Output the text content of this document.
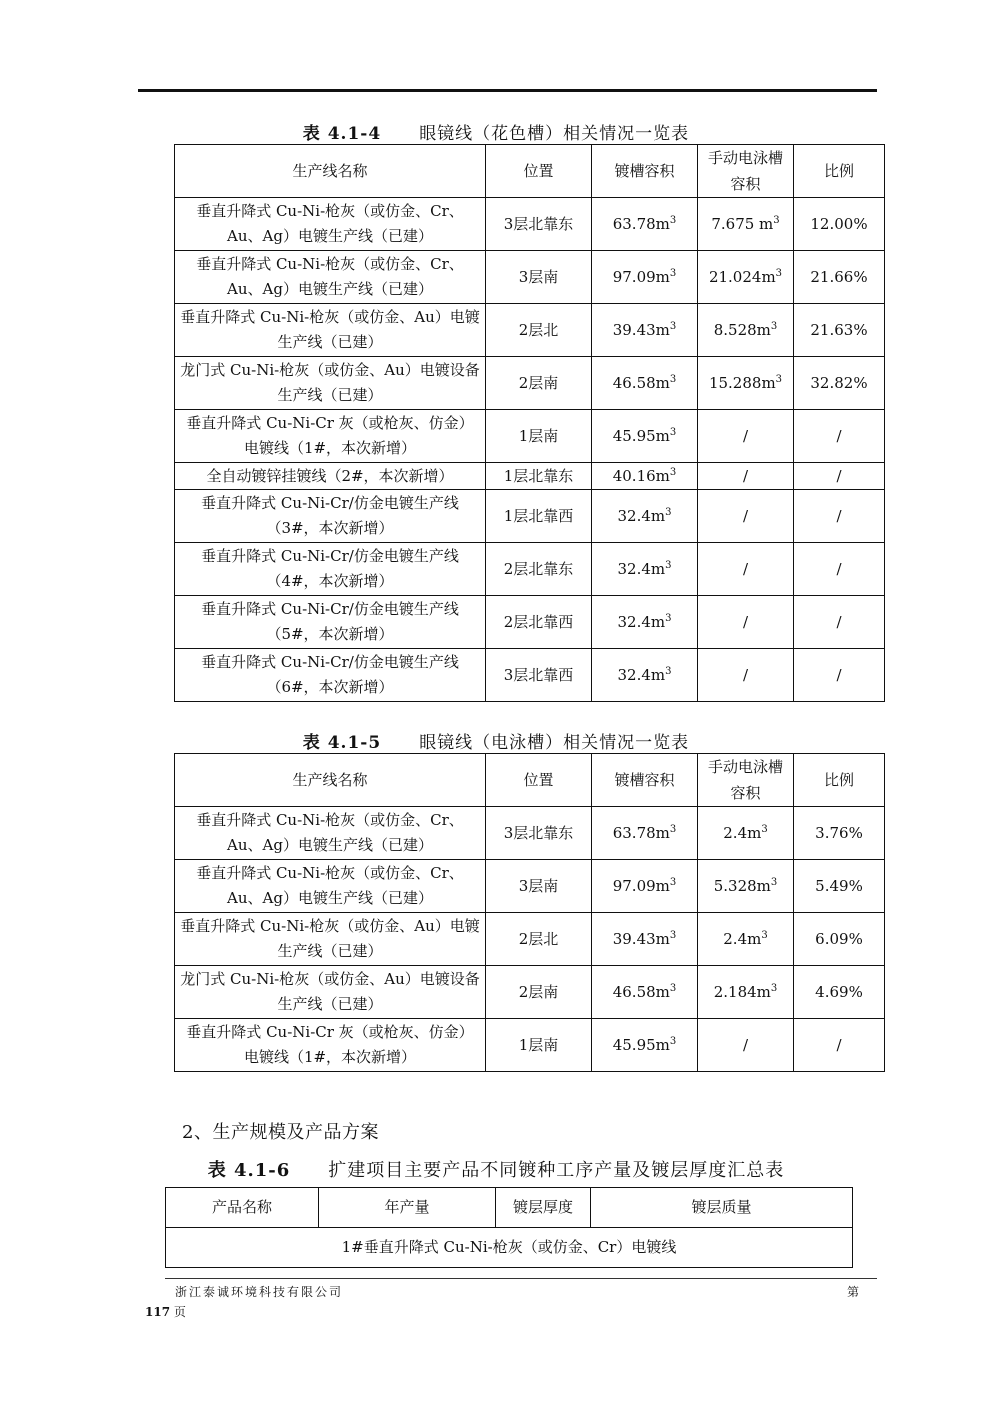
表 4.1-4 眼镜线（花色槽）相关情况一览表
生产线名称	位置	镀槽容积	手动电泳槽容积	比例
垂直升降式 Cu-Ni-枪灰（或仿金、Cr、Au、Ag）电镀生产线（已建）	3层北靠东	$63.78m^3$	7.675 $m^3$	12.00%
垂直升降式 Cu-Ni-枪灰（或仿金、Cr、Au、Ag）电镀生产线（已建）	3层南	$97.09m^3$	$21.024m^3$	21.66%
垂直升降式 Cu-Ni-枪灰（或仿金、Au）电镀生产线（已建）	2层北	$39.43m^3$	$8.528m^3$	21.63%
龙门式 Cu-Ni-枪灰（或仿金、Au）电镀设备生产线（已建）	2层南	$46.58m^3$	$15.288m^3$	32.82%
垂直升降式 Cu-Ni-Cr 灰（或枪灰、仿金）电镀线（1#，本次新增）	1层南	$45.95m^3$	/	/
全自动镀锌挂镀线（2#，本次新增）	1层北靠东	$40.16m^3$	/	/
垂直升降式 Cu-Ni-Cr/仿金电镀生产线（3#，本次新增）	1层北靠西	$32.4m^3$	/	/
垂直升降式 Cu-Ni-Cr/仿金电镀生产线（4#，本次新增）	2层北靠东	$32.4m^3$	/	/
垂直升降式 Cu-Ni-Cr/仿金电镀生产线（5#，本次新增）	2层北靠西	$32.4m^3$	/	/
垂直升降式 Cu-Ni-Cr/仿金电镀生产线（6#，本次新增）	3层北靠西	$32.4m^3$	/	/
表 4.1-5 眼镜线（电泳槽）相关情况一览表
生产线名称	位置	镀槽容积	手动电泳槽容积	比例
垂直升降式 Cu-Ni-枪灰（或仿金、Cr、Au、Ag）电镀生产线（已建）	3层北靠东	$63.78m^3$	$2.4m^3$	3.76%
垂直升降式 Cu-Ni-枪灰（或仿金、Cr、Au、Ag）电镀生产线（已建）	3层南	$97.09m^3$	$5.328m^3$	5.49%
垂直升降式 Cu-Ni-枪灰（或仿金、Au）电镀生产线（已建）	2层北	$39.43m^3$	$2.4m^3$	6.09%
龙门式 Cu-Ni-枪灰（或仿金、Au）电镀设备生产线（已建）	2层南	$46.58m^3$	$2.184m^3$	4.69%
垂直升降式 Cu-Ni-Cr 灰（或枪灰、仿金）电镀线（1#，本次新增）	1层南	$45.95m^3$	/	/
2、生产规模及产品方案
表 4.1-6 扩建项目主要产品不同镀种工序产量及镀层厚度汇总表
产品名称	年产量	镀层厚度	镀层质量
1#垂直升降式 Cu-Ni-枪灰（或仿金、Cr）电镀线
浙江泰诚环境科技有限公司	第
117 页
